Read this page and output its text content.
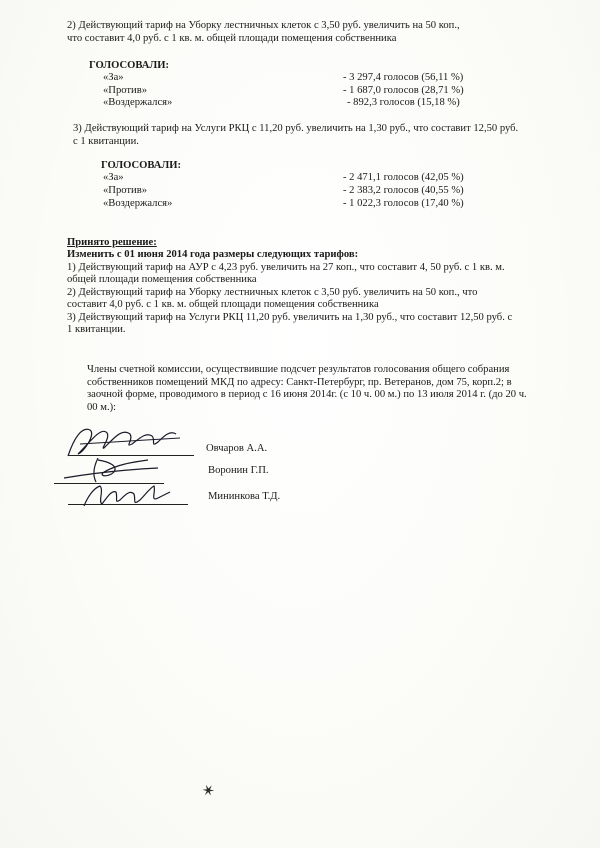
2) Действующий тариф на Уборку лестничных клеток с 3,50 руб. увеличить на 50 коп.,
что составит 4,0 руб. с 1 кв. м. общей площади помещения собственника
ГОЛОСОВАЛИ:
«За»	- 3 297,4 голосов (56,11 %)
«Против»	- 1 687,0 голосов (28,71 %)
«Воздержался»	- 892,3 голосов (15,18 %)
3) Действующий тариф на Услуги РКЦ с 11,20 руб. увеличить на 1,30 руб., что составит 12,50 руб.
с 1 квитанции.
ГОЛОСОВАЛИ:
«За»	- 2 471,1 голосов (42,05 %)
«Против»	- 2 383,2 голосов (40,55 %)
«Воздержался»	- 1 022,3 голосов (17,40 %)
Принято решение:
Изменить с 01 июня 2014 года размеры следующих тарифов:
1) Действующий тариф на АУР с 4,23 руб. увеличить на 27 коп., что составит 4, 50 руб. с 1 кв. м.
общей площади помещения собственника
2) Действующий тариф на Уборку лестничных клеток с 3,50 руб. увеличить на 50 коп., что
составит 4,0 руб. с 1 кв. м. общей площади помещения собственника
3) Действующий тариф на Услуги РКЦ 11,20 руб. увеличить на 1,30 руб., что составит 12,50 руб. с
1 квитанции.
Члены счетной комиссии, осуществившие подсчет результатов голосования общего собрания
собственников помещений МКД по адресу: Санкт-Петербург, пр. Ветеранов, дом 75, корп.2; в
заочной форме, проводимого в период с 16 июня 2014г. (с 10 ч. 00 м.) по 13 июля 2014 г. (до 20 ч.
00 м.):
Овчаров А.А.
Воронин Г.П.
Мининкова Т.Д.
✶
